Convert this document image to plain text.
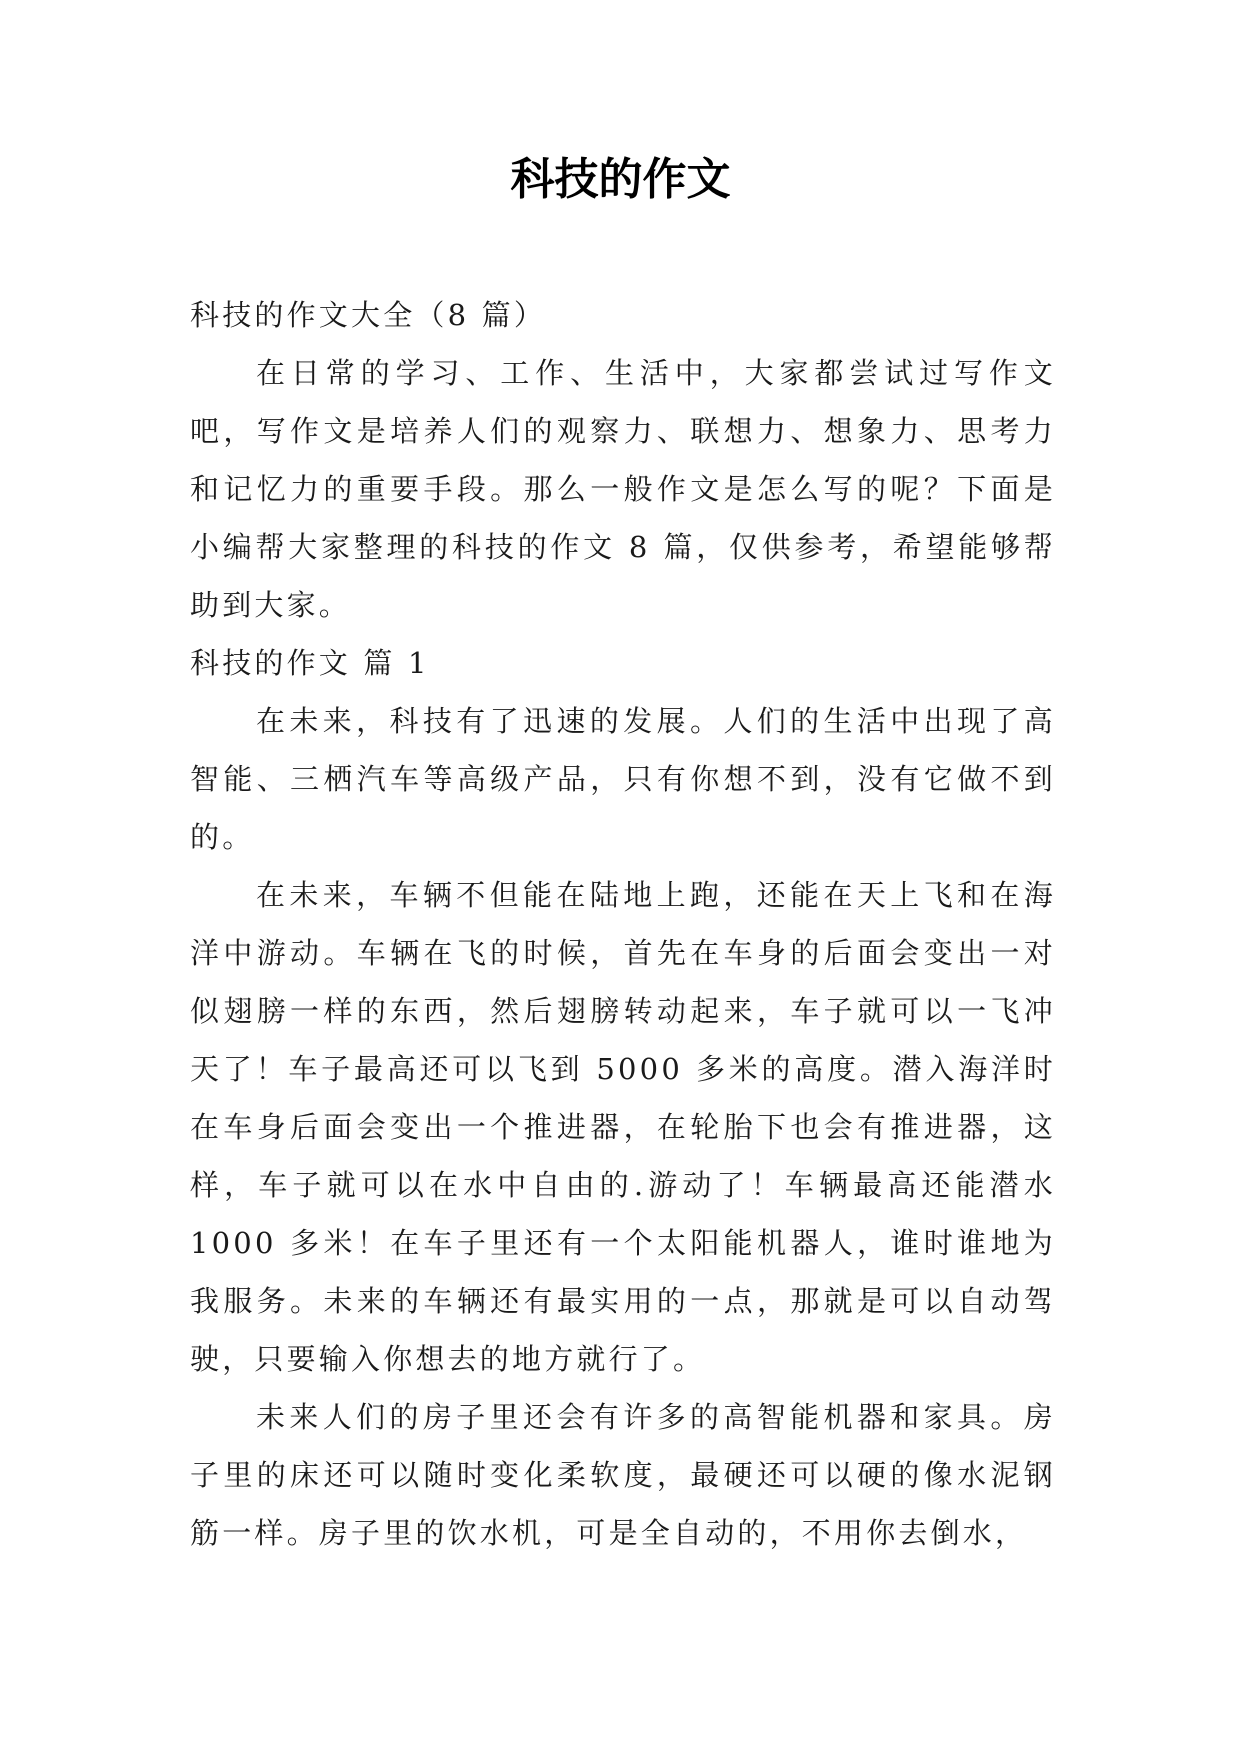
科技的作文

科技的作文大全（8 篇）

在日常的学习、工作、生活中，大家都尝试过写作文吧，写作文是培养人们的观察力、联想力、想象力、思考力和记忆力的重要手段。那么一般作文是怎么写的呢？下面是小编帮大家整理的科技的作文 8 篇，仅供参考，希望能够帮助到大家。

科技的作文 篇 1

在未来，科技有了迅速的发展。人们的生活中出现了高智能、三栖汽车等高级产品，只有你想不到，没有它做不到的。

在未来，车辆不但能在陆地上跑，还能在天上飞和在海洋中游动。车辆在飞的时候，首先在车身的后面会变出一对似翅膀一样的东西，然后翅膀转动起来，车子就可以一飞冲天了！车子最高还可以飞到 5000 多米的高度。潜入海洋时在车身后面会变出一个推进器，在轮胎下也会有推进器，这样，车子就可以在水中自由的.游动了！车辆最高还能潜水1000 多米！在车子里还有一个太阳能机器人，谁时谁地为我服务。未来的车辆还有最实用的一点，那就是可以自动驾驶，只要输入你想去的地方就行了。

未来人们的房子里还会有许多的高智能机器和家具。房子里的床还可以随时变化柔软度，最硬还可以硬的像水泥钢筋一样。房子里的饮水机，可是全自动的，不用你去倒水，
